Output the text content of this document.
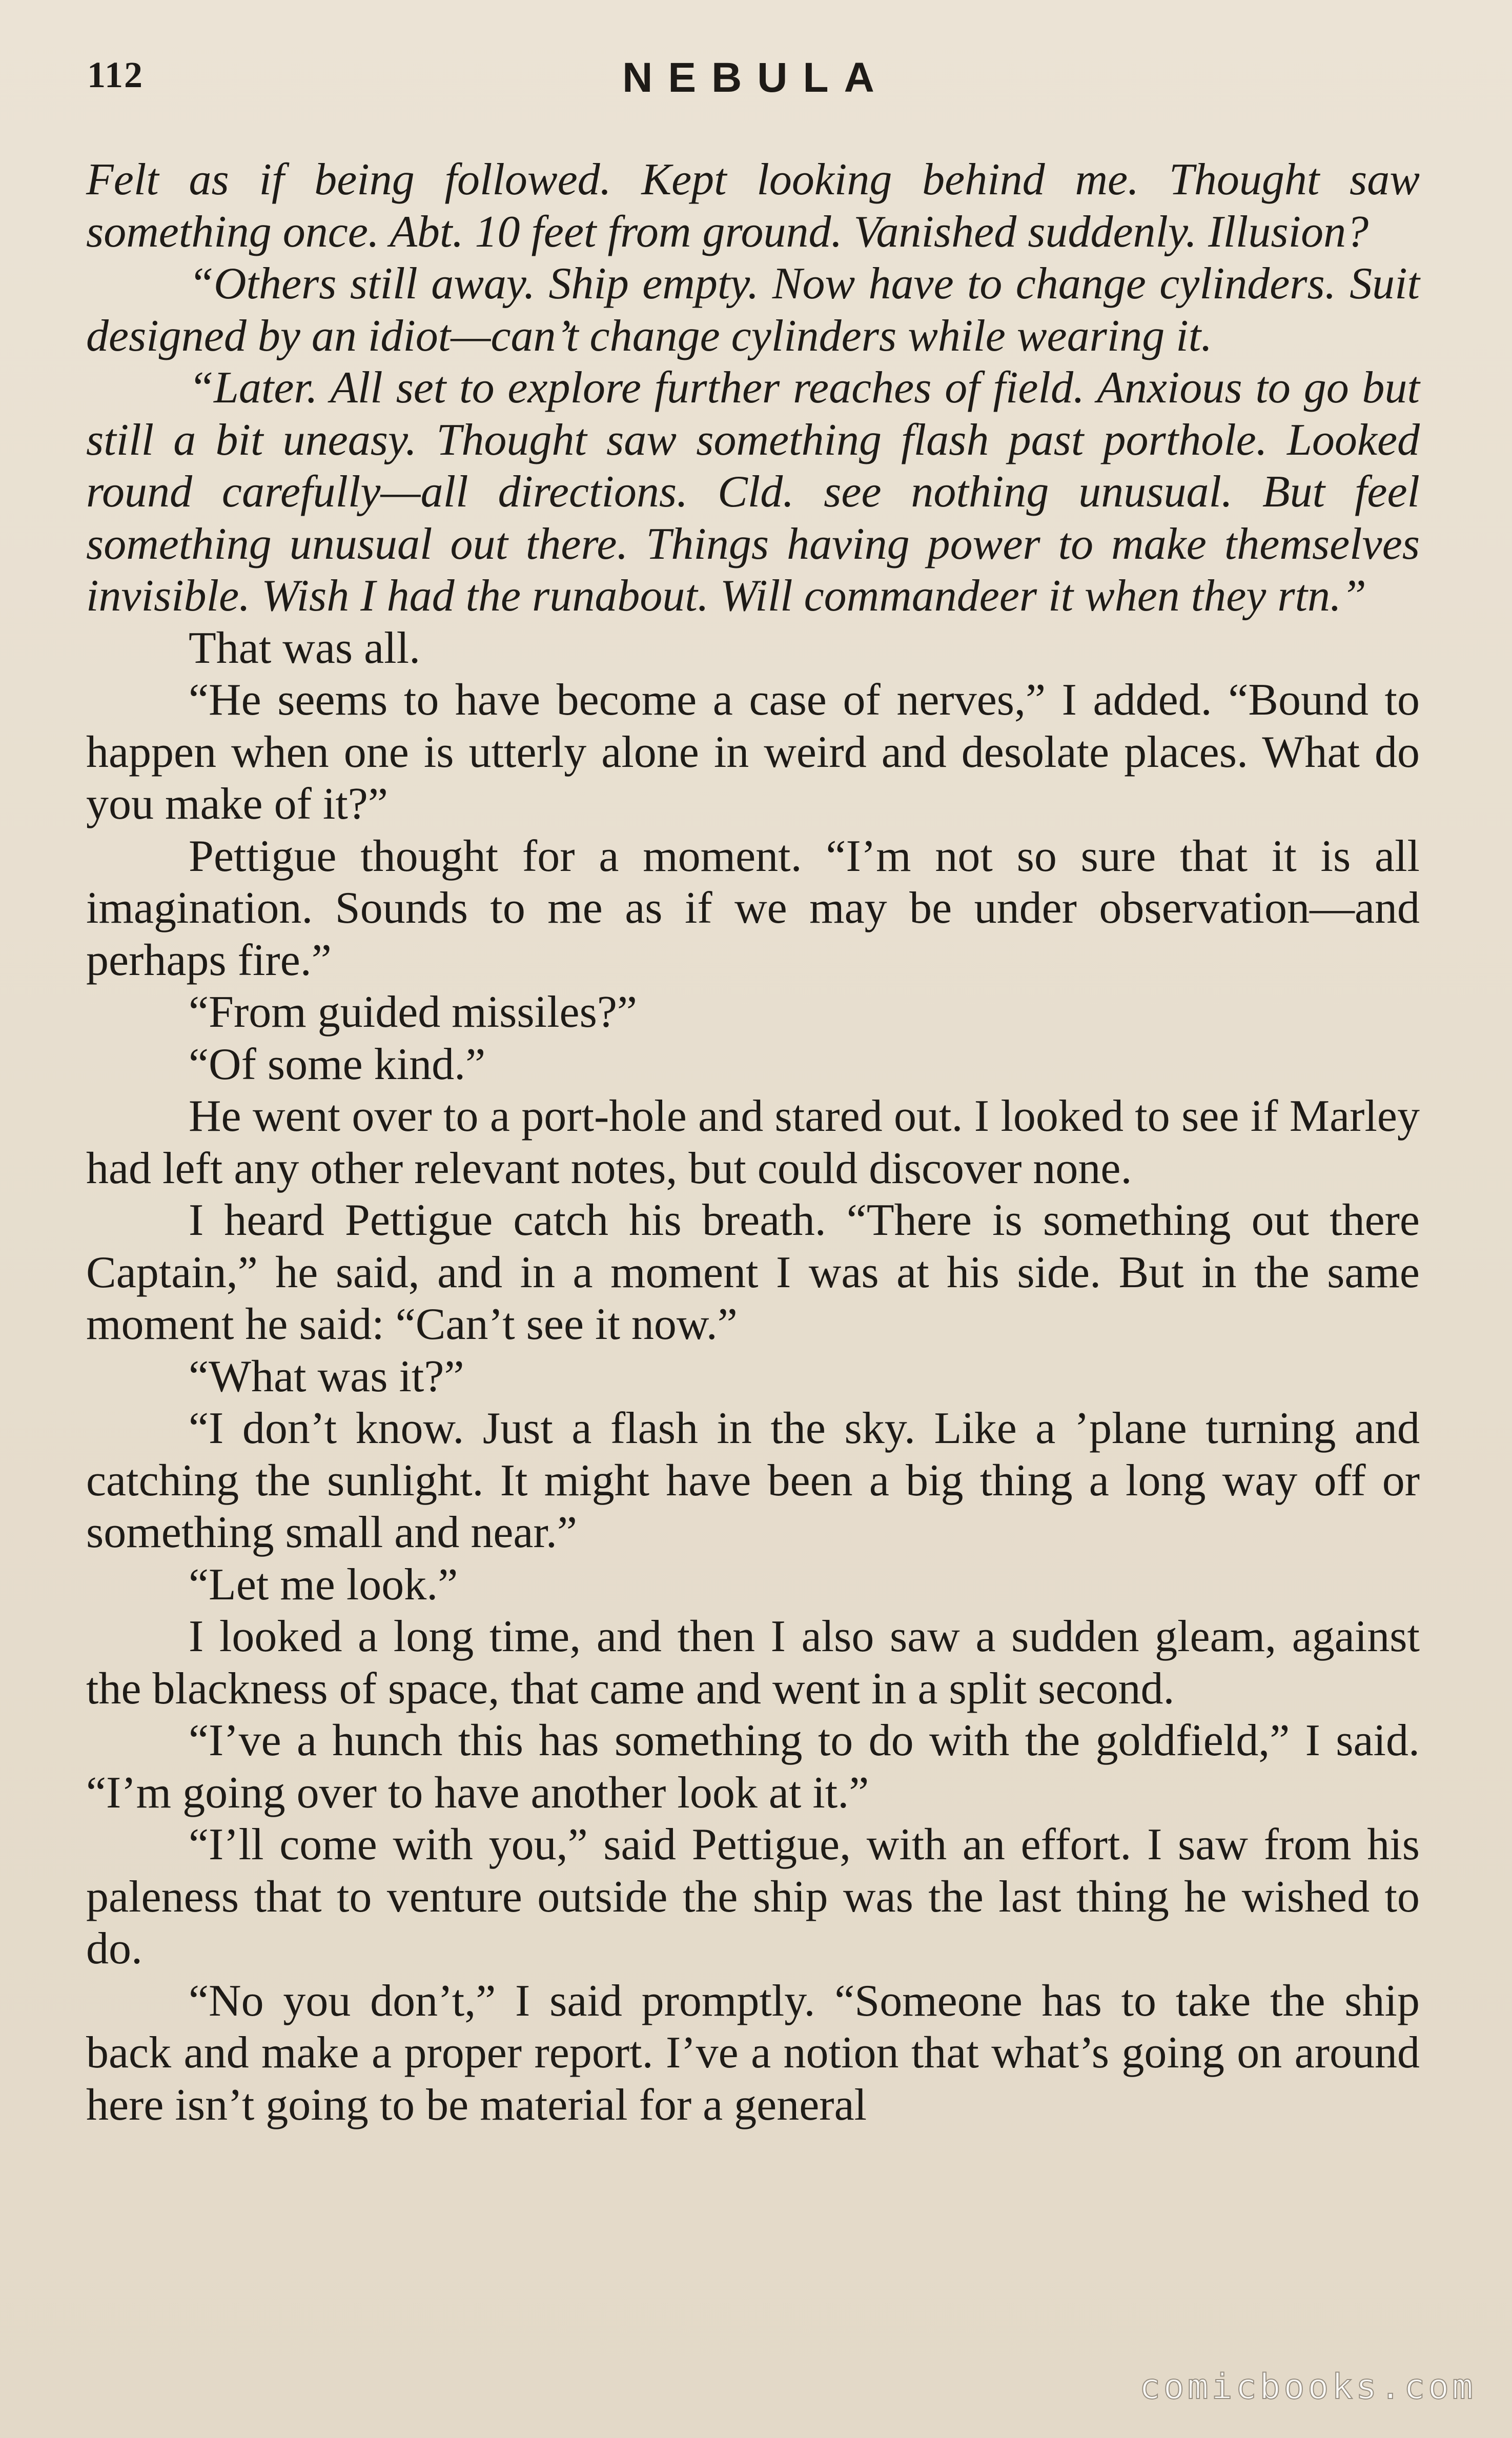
112	NEBULA

Felt as if being followed. Kept looking behind me. Thought saw something once. Abt. 10 feet from ground. Vanished suddenly. Illusion?

“Others still away. Ship empty. Now have to change cylinders. Suit designed by an idiot—can’t change cylinders while wearing it.

“Later. All set to explore further reaches of field. Anxious to go but still a bit uneasy. Thought saw something flash past porthole. Looked round carefully—all directions. Cld. see nothing unusual. But feel something unusual out there. Things having power to make themselves invisible. Wish I had the runabout. Will commandeer it when they rtn.”

That was all.

“He seems to have become a case of nerves,” I added. “Bound to happen when one is utterly alone in weird and desolate places. What do you make of it?”

Pettigue thought for a moment. “I’m not so sure that it is all imagination. Sounds to me as if we may be under observation—and perhaps fire.”

“From guided missiles?”

“Of some kind.”

He went over to a port-hole and stared out. I looked to see if Marley had left any other relevant notes, but could discover none.

I heard Pettigue catch his breath. “There is something out there Captain,” he said, and in a moment I was at his side. But in the same moment he said: “Can’t see it now.”

“What was it?”

“I don’t know. Just a flash in the sky. Like a ’plane turning and catching the sunlight. It might have been a big thing a long way off or something small and near.”

“Let me look.”

I looked a long time, and then I also saw a sudden gleam, against the blackness of space, that came and went in a split second.

“I’ve a hunch this has something to do with the goldfield,” I said. “I’m going over to have another look at it.”

“I’ll come with you,” said Pettigue, with an effort. I saw from his paleness that to venture outside the ship was the last thing he wished to do.

“No you don’t,” I said promptly. “Someone has to take the ship back and make a proper report. I’ve a notion that what’s going on around here isn’t going to be material for a general

comicbooks.com
